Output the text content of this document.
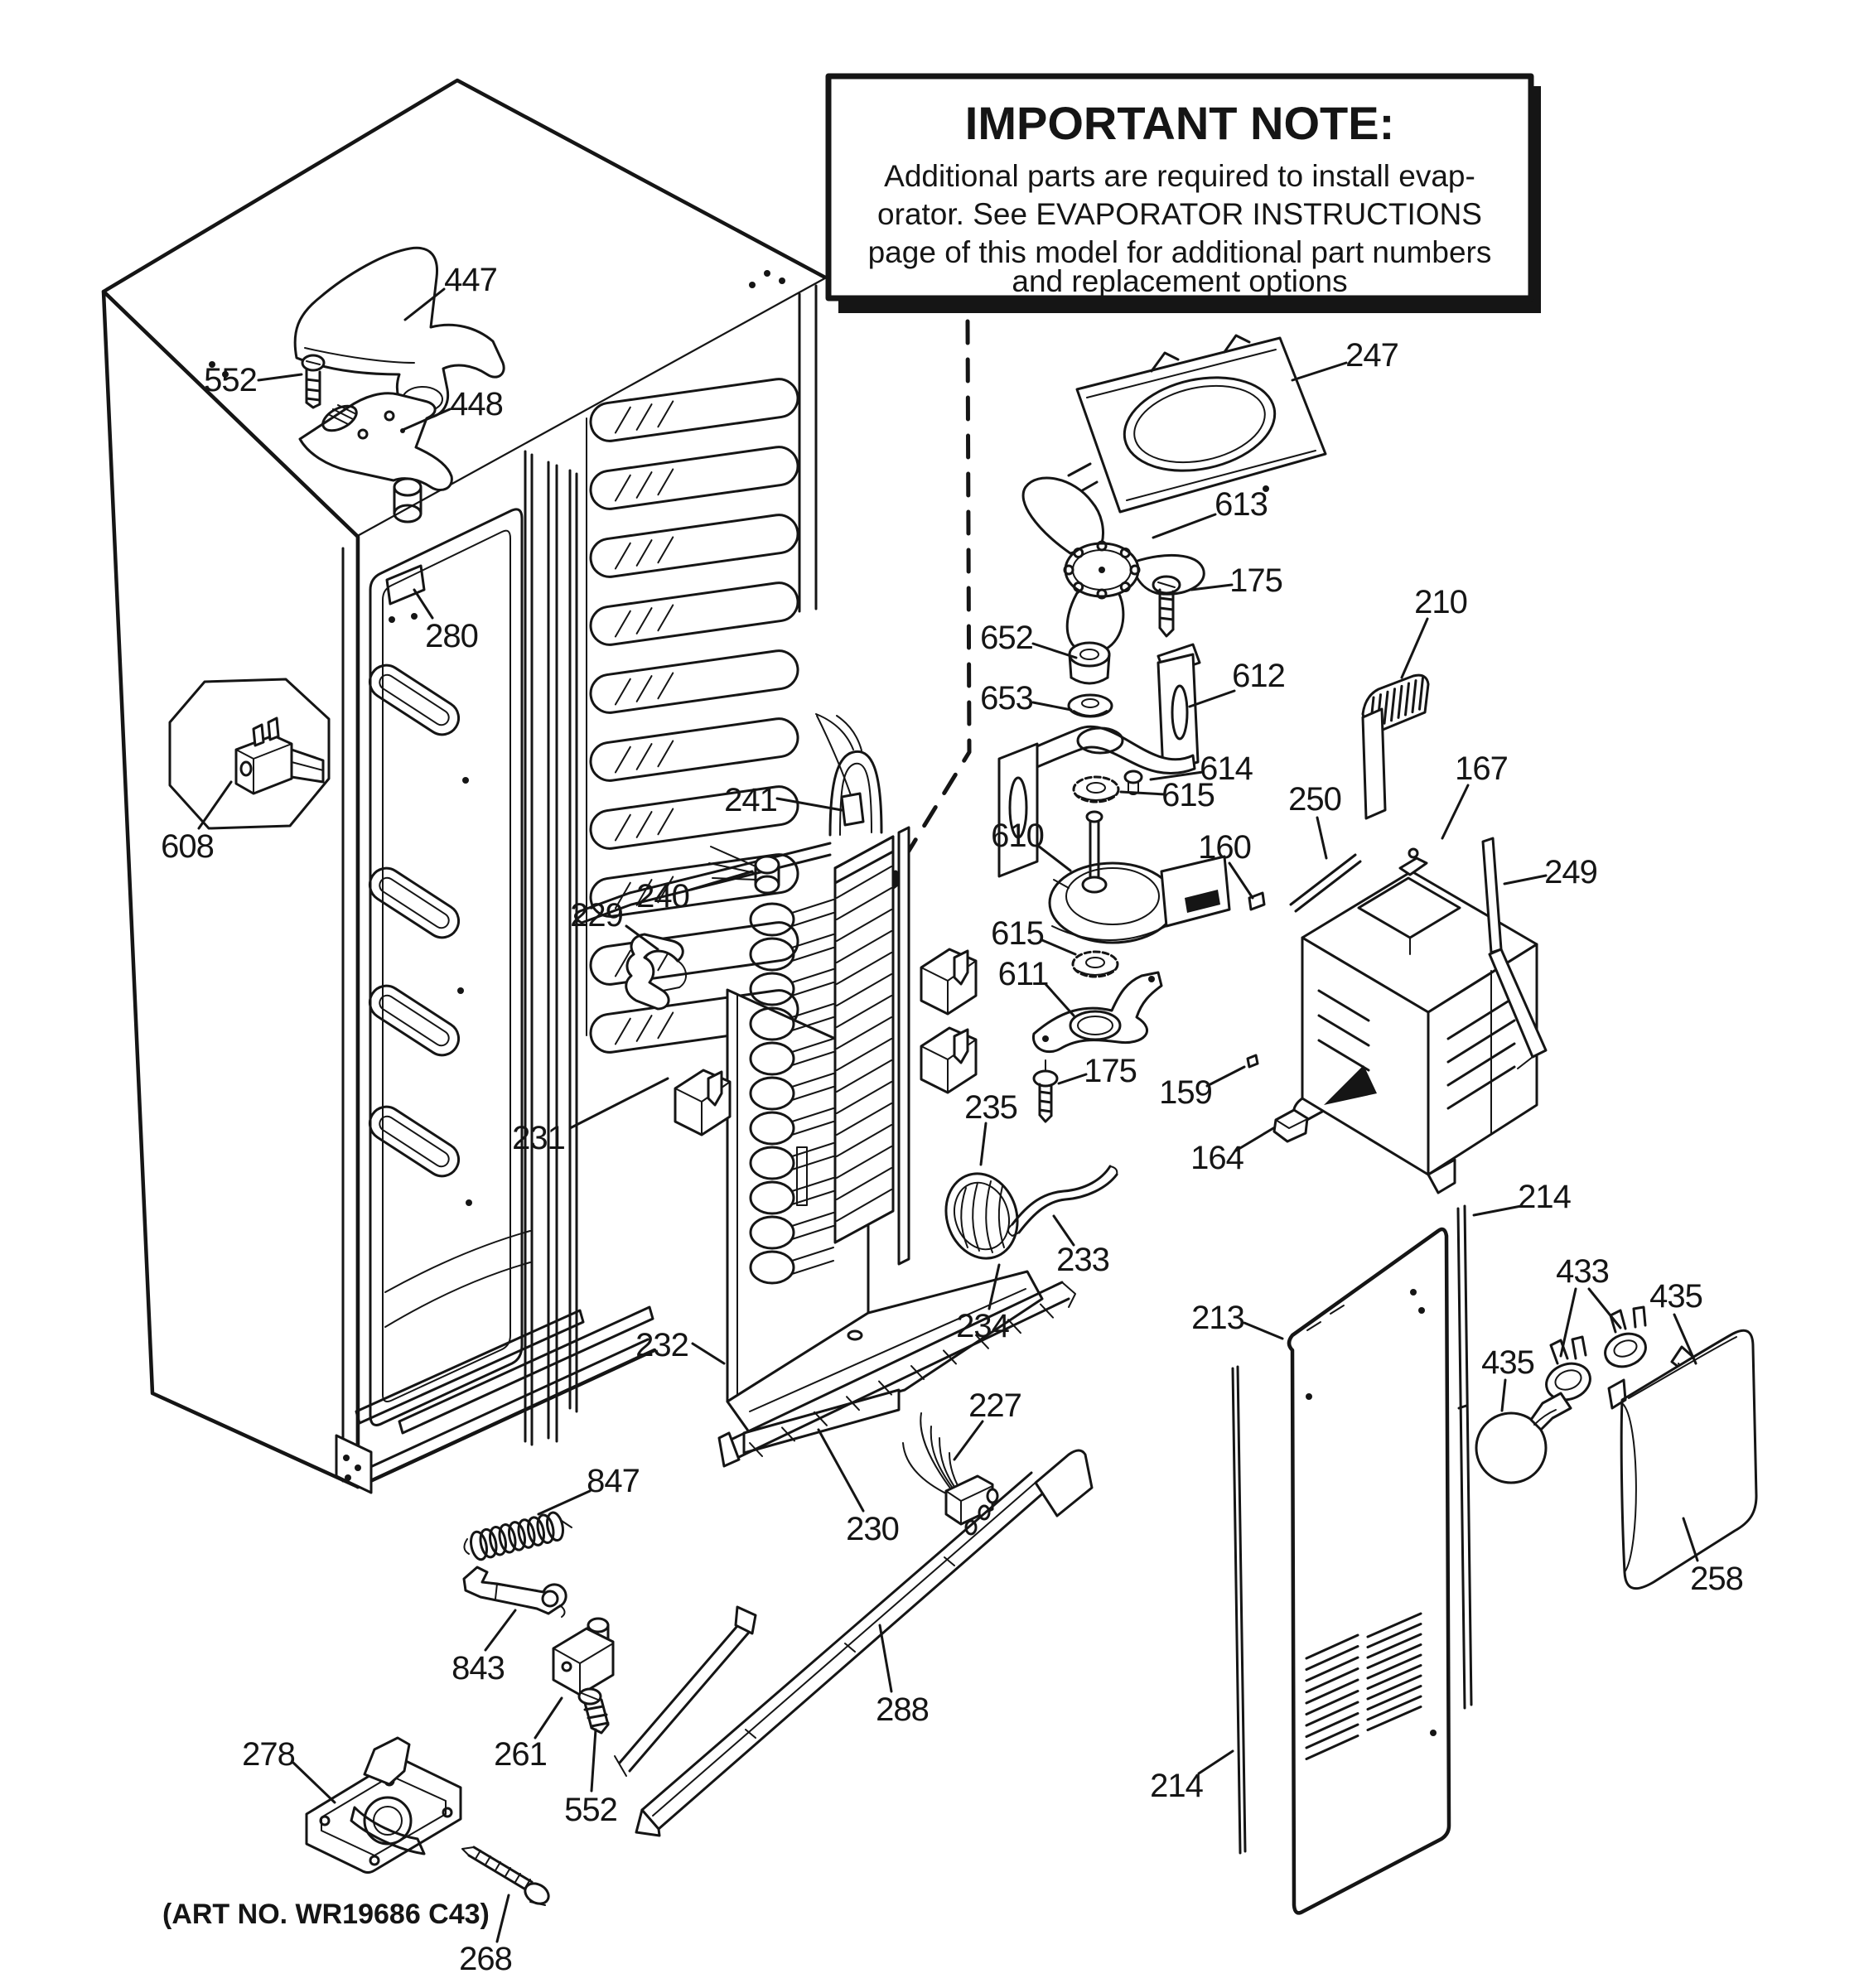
IMPORTANT NOTE:
Additional parts are required to install evap-
orator. See EVAPORATOR INSTRUCTIONS
page of this model for additional part numbers
and replacement options
447
552
448
280
608
229
241
240
231
232
230
227
288
847
843
261
552
278
268
247
613
175
652
653
612
614
615
610
615
611
175
235
234
233
210
250
167
249
160
159
164
213
214
214
433
435
435
258
(ART NO. WR19686 C43)
